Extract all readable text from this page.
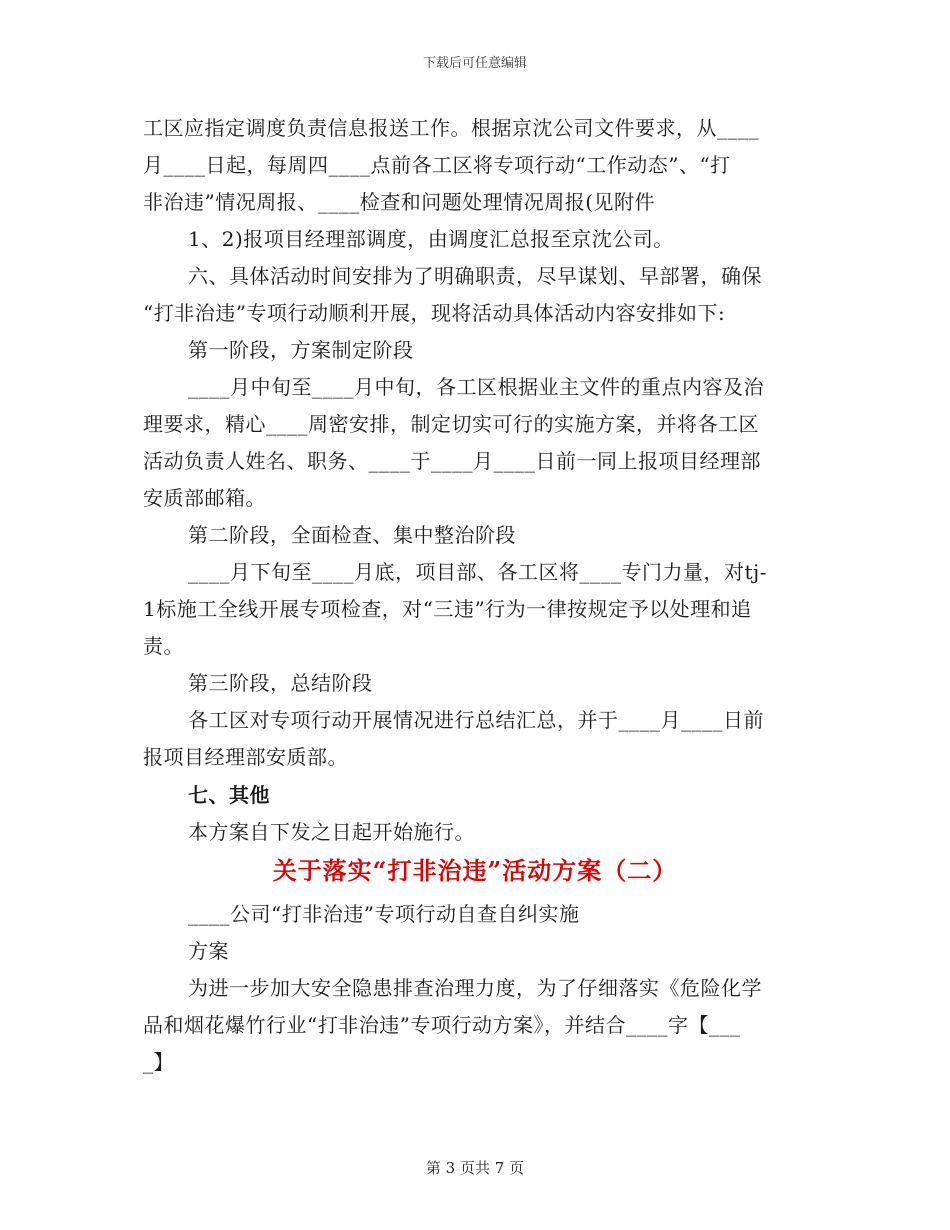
下载后可任意编辑
工区应指定调度负责信息报送工作。根据京沈公司文件要求，从____
月____日起，每周四____点前各工区将专项行动“工作动态”、“打
非治违”情况周报、____检查和问题处理情况周报(见附件
1、2)报项目经理部调度，由调度汇总报至京沈公司。
六、具体活动时间安排为了明确职责，尽早谋划、早部署，确保
“打非治违”专项行动顺利开展，现将活动具体活动内容安排如下:
第一阶段，方案制定阶段
____月中旬至____月中旬，各工区根据业主文件的重点内容及治
理要求，精心____周密安排，制定切实可行的实施方案，并将各工区
活动负责人姓名、职务、____于____月____日前一同上报项目经理部
安质部邮箱。
第二阶段，全面检查、集中整治阶段
____月下旬至____月底，项目部、各工区将____专门力量，对tj-
1标施工全线开展专项检查，对“三违”行为一律按规定予以处理和追
责。
第三阶段，总结阶段
各工区对专项行动开展情况进行总结汇总，并于____月____日前
报项目经理部安质部。
七、其他
本方案自下发之日起开始施行。
关于落实“打非治违”活动方案（二）
____公司“打非治违”专项行动自查自纠实施
方案
为进一步加大安全隐患排查治理力度，为了仔细落实《危险化学
品和烟花爆竹行业“打非治违”专项行动方案》，并结合____字【___
_】
第 3 页共 7 页
